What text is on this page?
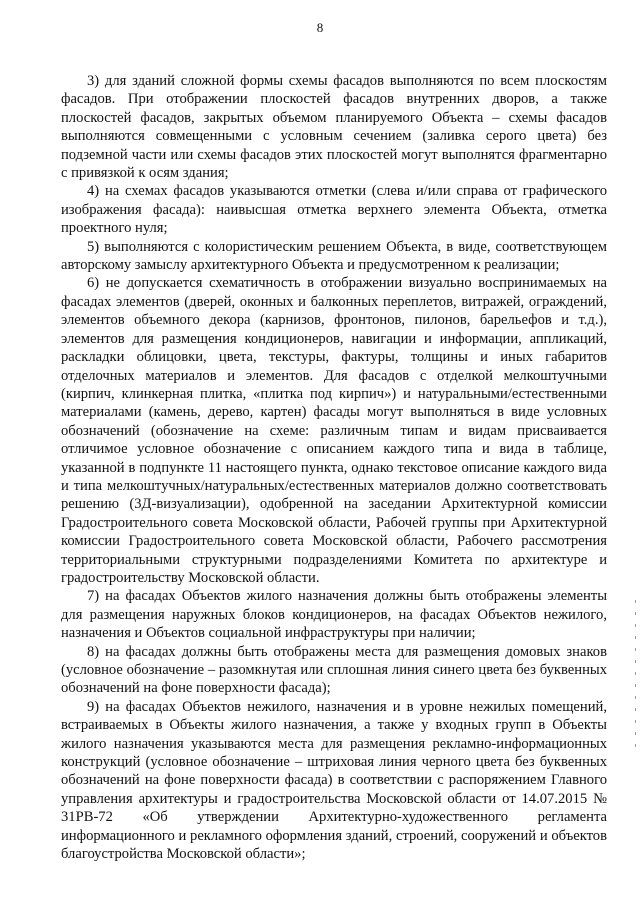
8

3) для зданий сложной формы схемы фасадов выполняются по всем плоскостям фасадов. При отображении плоскостей фасадов внутренних дворов, а также плоскостей фасадов, закрытых объемом планируемого Объекта – схемы фасадов выполняются совмещенными с условным сечением (заливка серого цвета) без подземной части или схемы фасадов этих плоскостей могут выполнятся фрагментарно с привязкой к осям здания;

4) на схемах фасадов указываются отметки (слева и/или справа от графического изображения фасада): наивысшая отметка верхнего элемента Объекта, отметка проектного нуля;

5) выполняются с колористическим решением Объекта, в виде, соответствующем авторскому замыслу архитектурного Объекта и предусмотренном к реализации;

6) не допускается схематичность в отображении визуально воспринимаемых на фасадах элементов (дверей, оконных и балконных переплетов, витражей, ограждений, элементов объемного декора (карнизов, фронтонов, пилонов, барельефов и т.д.), элементов для размещения кондиционеров, навигации и информации, аппликаций, раскладки облицовки, цвета, текстуры, фактуры, толщины и иных габаритов отделочных материалов и элементов. Для фасадов с отделкой мелкоштучными (кирпич, клинкерная плитка, «плитка под кирпич») и натуральными/естественными материалами (камень, дерево, картен) фасады могут выполняться в виде условных обозначений (обозначение на схеме: различным типам и видам присваивается отличимое условное обозначение с описанием каждого типа и вида в таблице, указанной в подпункте 11 настоящего пункта, однако текстовое описание каждого вида и типа мелкоштучных/натуральных/естественных материалов должно соответствовать решению (3Д-визуализации), одобренной на заседании Архитектурной комиссии Градостроительного совета Московской области, Рабочей группы при Архитектурной комиссии Градостроительного совета Московской области, Рабочего рассмотрения территориальными структурными подразделениями Комитета по архитектуре и градостроительству Московской области.

7) на фасадах Объектов жилого назначения должны быть отображены элементы для размещения наружных блоков кондиционеров, на фасадах Объектов нежилого, назначения и Объектов социальной инфраструктуры при наличии;

8) на фасадах должны быть отображены места для размещения домовых знаков (условное обозначение – разомкнутая или сплошная линия синего цвета без буквенных обозначений на фоне поверхности фасада);

9) на фасадах Объектов нежилого, назначения и в уровне нежилых помещений, встраиваемых в Объекты жилого назначения, а также у входных групп в Объекты жилого назначения указываются места для размещения рекламно-информационных конструкций (условное обозначение – штриховая линия черного цвета без буквенных обозначений на фоне поверхности фасада) в соответствии с распоряжением Главного управления архитектуры и градостроительства Московской области от 14.07.2015 № 31РВ-72 «Об утверждении Архитектурно-художественного регламента информационного и рекламного оформления зданий, строений, сооружений и объектов благоустройства Московской области»;
